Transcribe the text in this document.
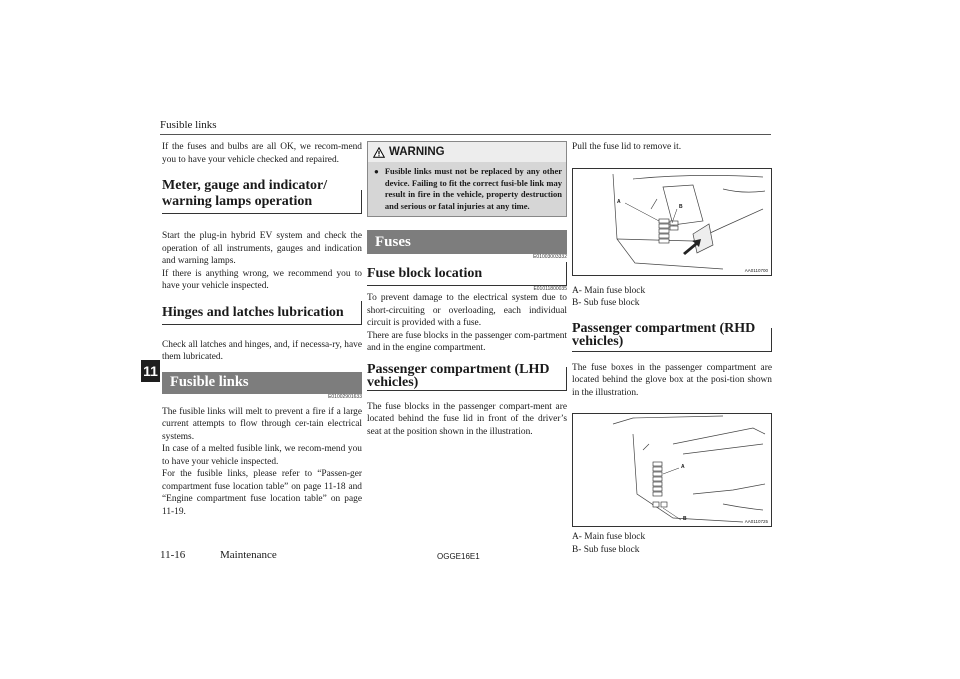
Fusible links
11

If the fuses and bulbs are all OK, we recom-mend you to have your vehicle checked and repaired.

Meter, gauge and indicator/ warning lamps operation

Start the plug-in hybrid EV system and check the operation of all instruments, gauges and indication and warning lamps.

If there is anything wrong, we recommend you to have your vehicle inspected.

Hinges and latches lubrication

Check all latches and hinges, and, if necessa-ry, have them lubricated.

Fusible links
E01002901633

The fusible links will melt to prevent a fire if a large current attempts to flow through cer-tain electrical systems.

In case of a melted fusible link, we recom-mend you to have your vehicle inspected.

For the fusible links, please refer to “Passen-ger compartment fuse location table” on page 11-18 and “Engine compartment fuse location table” on page 11-19.

WARNING
● Fusible links must not be replaced by any other device. Failing to fit the correct fusi-ble link may result in fire in the vehicle, property destruction and serious or fatal injuries at any time.
Fuses
E01003003332
Fuse block location
E01011800035

To prevent damage to the electrical system due to short-circuiting or overloading, each individual circuit is provided with a fuse.

There are fuse blocks in the passenger com-partment and in the engine compartment.

Passenger compartment (LHD vehicles)

The fuse blocks in the passenger compart-ment are located behind the fuse lid in front of the driver’s seat at the position shown in the illustration.

Pull the fuse lid to remove it.

A
B
AA0110700
A- Main fuse block
B- Sub fuse block
Passenger compartment (RHD vehicles)

The fuse boxes in the passenger compartment are located behind the glove box at the posi-tion shown in the illustration.

A
B	AA0110725
A- Main fuse block
B- Sub fuse block
11-16	Maintenance	OGGE16E1
